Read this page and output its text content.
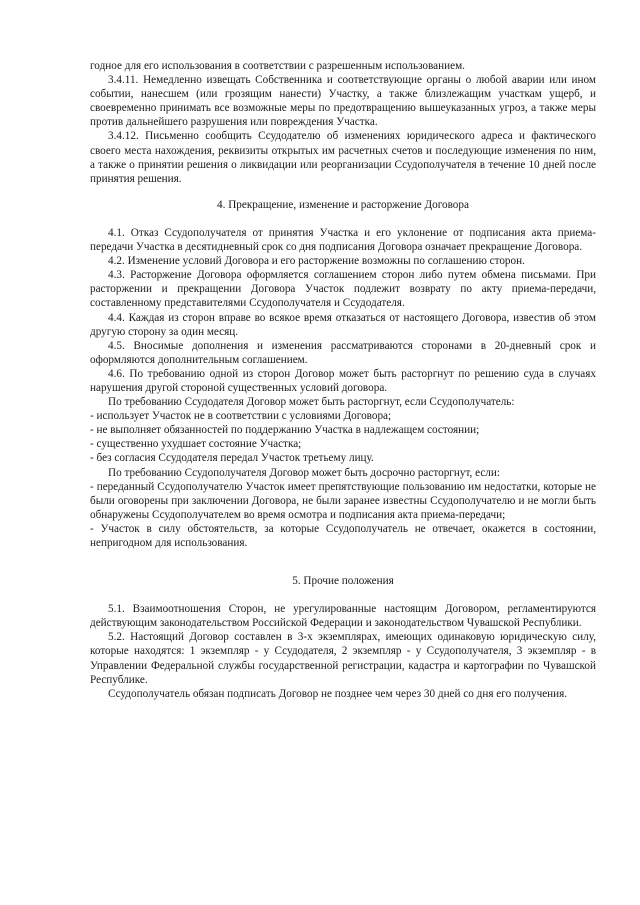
годное для его использования в соответствии с разрешенным использованием.

3.4.11. Немедленно извещать Собственника и соответствующие органы о любой аварии или ином событии, нанесшем (или грозящим нанести) Участку, а также близлежащим участкам ущерб, и своевременно принимать все возможные меры по предотвращению вышеуказанных угроз, а также меры против дальнейшего разрушения или повреждения Участка.

3.4.12. Письменно сообщить Ссудодателю об изменениях юридического адреса и фактического своего места нахождения, реквизиты открытых им расчетных счетов и последующие изменения по ним, а также о принятии решения о ликвидации или реорганизации Ссудополучателя в течение 10 дней после принятия решения.

4. Прекращение, изменение и расторжение Договора

4.1. Отказ Ссудополучателя от принятия Участка и его уклонение от подписания акта приема-передачи Участка в десятидневный срок со дня подписания Договора означает прекращение Договора.

4.2. Изменение условий Договора и его расторжение возможны по соглашению сторон.

4.3. Расторжение Договора оформляется соглашением сторон либо путем обмена письмами. При расторжении и прекращении Договора Участок подлежит возврату по акту приема-передачи, составленному представителями Ссудополучателя и Ссудодателя.

4.4. Каждая из сторон вправе во всякое время отказаться от настоящего Договора, известив об этом другую сторону за один месяц.

4.5. Вносимые дополнения и изменения рассматриваются сторонами в 20-дневный срок и оформляются дополнительным соглашением.

4.6. По требованию одной из сторон Договор может быть расторгнут по решению суда в случаях нарушения другой стороной существенных условий договора.

По требованию Ссудодателя Договор может быть расторгнут, если Ссудополучатель:

- использует Участок не в соответствии с условиями Договора;

- не выполняет обязанностей по поддержанию Участка в надлежащем состоянии;

- существенно ухудшает состояние Участка;

- без согласия Ссудодателя передал Участок третьему лицу.

По требованию Ссудополучателя Договор может быть досрочно расторгнут, если:

- переданный Ссудополучателю Участок имеет препятствующие пользованию им недостатки, которые не были оговорены при заключении Договора, не были заранее известны Ссудополучателю и не могли быть обнаружены Ссудополучателем во время осмотра и подписания акта приема-передачи;

- Участок в силу обстоятельств, за которые Ссудополучатель не отвечает, окажется в состоянии, непригодном для использования.

5. Прочие положения

5.1. Взаимоотношения Сторон, не урегулированные настоящим Договором, регламентируются действующим законодательством Российской Федерации и законодательством Чувашской Республики.

5.2. Настоящий Договор составлен в 3-х экземплярах, имеющих одинаковую юридическую силу, которые находятся: 1 экземпляр - у Ссудодателя, 2 экземпляр - у Ссудополучателя, 3 экземпляр - в Управлении Федеральной службы государственной регистрации, кадастра и картографии по Чувашской Республике.

Ссудополучатель обязан подписать Договор не позднее чем через 30 дней со дня его получения.
